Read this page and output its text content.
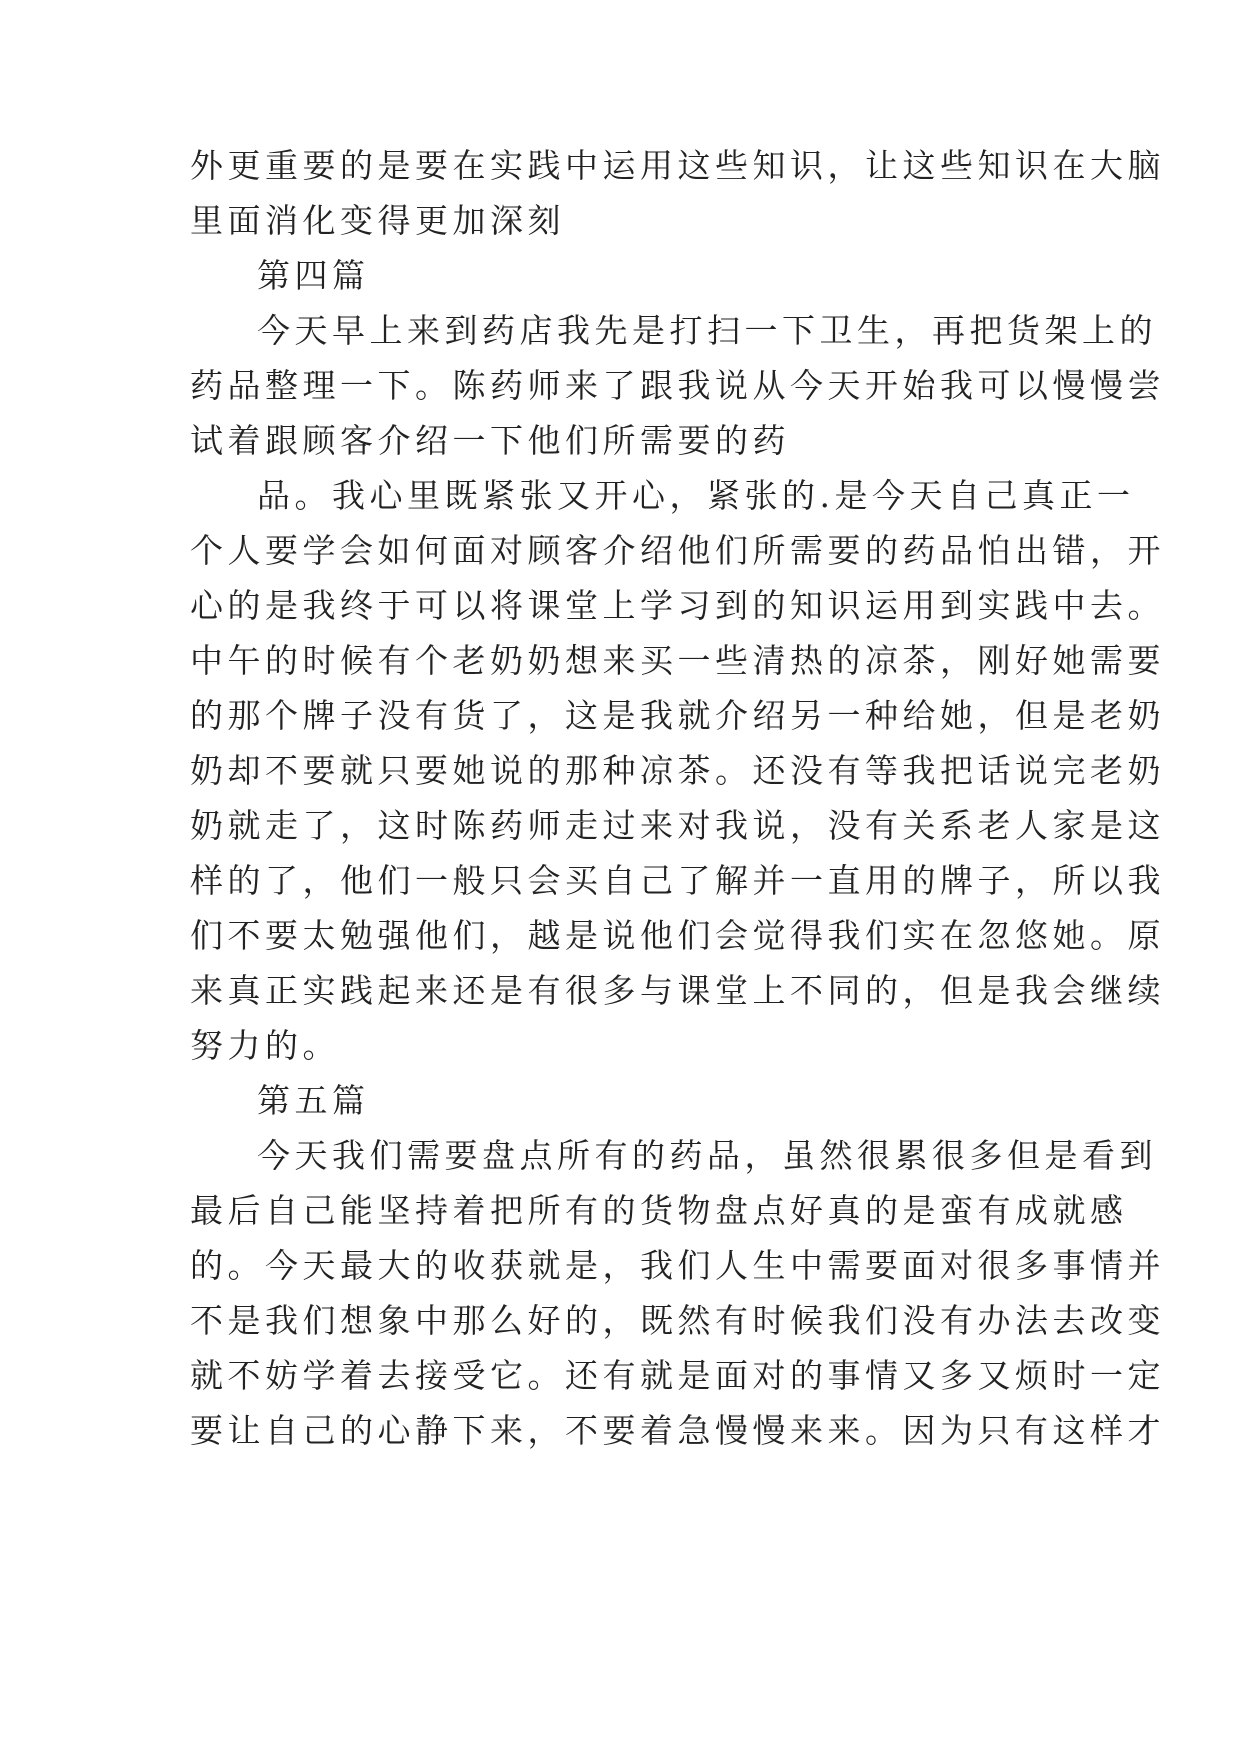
外更重要的是要在实践中运用这些知识，让这些知识在大脑

里面消化变得更加深刻

第四篇

今天早上来到药店我先是打扫一下卫生，再把货架上的

药品整理一下。陈药师来了跟我说从今天开始我可以慢慢尝

试着跟顾客介绍一下他们所需要的药

品。我心里既紧张又开心，紧张的.是今天自己真正一

个人要学会如何面对顾客介绍他们所需要的药品怕出错，开

心的是我终于可以将课堂上学习到的知识运用到实践中去。

中午的时候有个老奶奶想来买一些清热的凉茶，刚好她需要

的那个牌子没有货了，这是我就介绍另一种给她，但是老奶

奶却不要就只要她说的那种凉茶。还没有等我把话说完老奶

奶就走了，这时陈药师走过来对我说，没有关系老人家是这

样的了，他们一般只会买自己了解并一直用的牌子，所以我

们不要太勉强他们，越是说他们会觉得我们实在忽悠她。原

来真正实践起来还是有很多与课堂上不同的，但是我会继续

努力的。

第五篇

今天我们需要盘点所有的药品，虽然很累很多但是看到

最后自己能坚持着把所有的货物盘点好真的是蛮有成就感

的。今天最大的收获就是，我们人生中需要面对很多事情并

不是我们想象中那么好的，既然有时候我们没有办法去改变

就不妨学着去接受它。还有就是面对的事情又多又烦时一定

要让自己的心静下来，不要着急慢慢来来。因为只有这样才
